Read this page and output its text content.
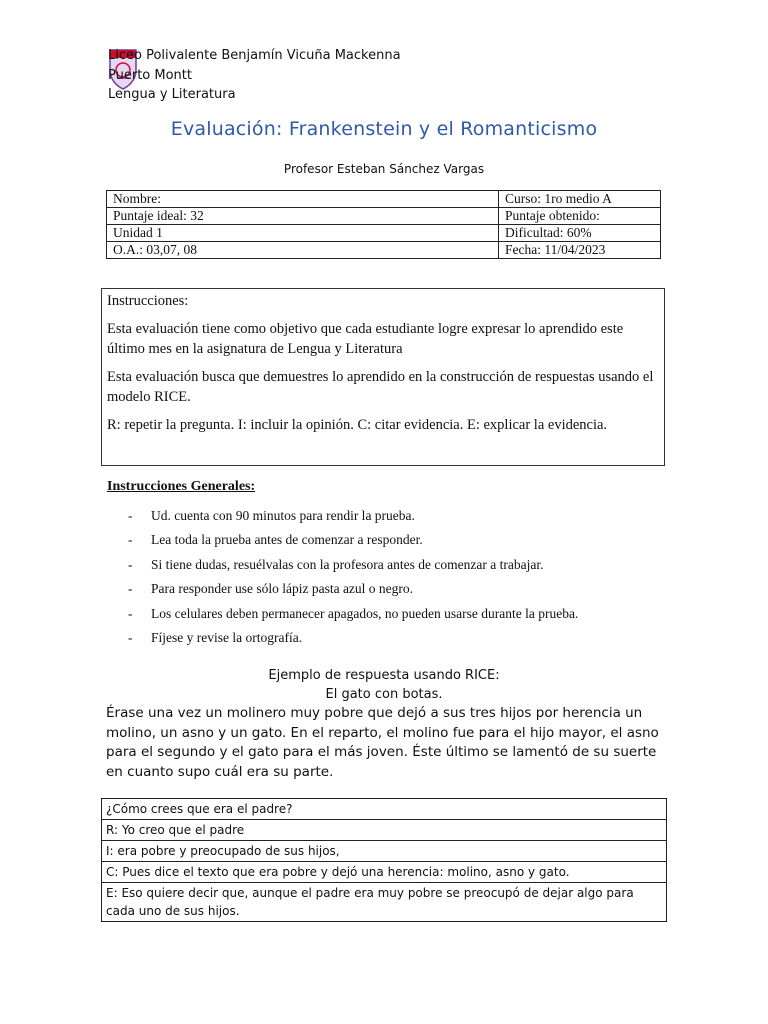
Liceo Polivalente Benjamín Vicuña Mackenna
Puerto Montt
Lengua y Literatura
Evaluación: Frankenstein y el Romanticismo
Profesor Esteban Sánchez Vargas
Nombre:	Curso: 1ro medio A
Puntaje ideal: 32	Puntaje obtenido:
Unidad 1	Dificultad: 60%
O.A.: 03,07, 08	Fecha: 11/04/2023

Instrucciones:

Esta evaluación tiene como objetivo que cada estudiante logre expresar lo aprendido este último mes en la asignatura de Lengua y Literatura

Esta evaluación busca que demuestres lo aprendido en la construcción de respuestas usando el modelo RICE.

R: repetir la pregunta. I: incluir la opinión. C: citar evidencia. E: explicar la evidencia.

Instrucciones Generales:
- Ud. cuenta con 90 minutos para rendir la prueba.
- Lea toda la prueba antes de comenzar a responder.
- Si tiene dudas, resuélvalas con la profesora antes de comenzar a trabajar.
- Para responder use sólo lápiz pasta azul o negro.
- Los celulares deben permanecer apagados, no pueden usarse durante la prueba.
- Fíjese y revise la ortografía.
Ejemplo de respuesta usando RICE:
El gato con botas.
Érase una vez un molinero muy pobre que dejó a sus tres hijos por herencia un molino, un asno y un gato. En el reparto, el molino fue para el hijo mayor, el asno para el segundo y el gato para el más joven. Éste último se lamentó de su suerte en cuanto supo cuál era su parte.
¿Cómo crees que era el padre?
R: Yo creo que el padre
I: era pobre y preocupado de sus hijos,
C: Pues dice el texto que era pobre y dejó una herencia: molino, asno y gato.
E: Eso quiere decir que, aunque el padre era muy pobre se preocupó de dejar algo para cada uno de sus hijos.
